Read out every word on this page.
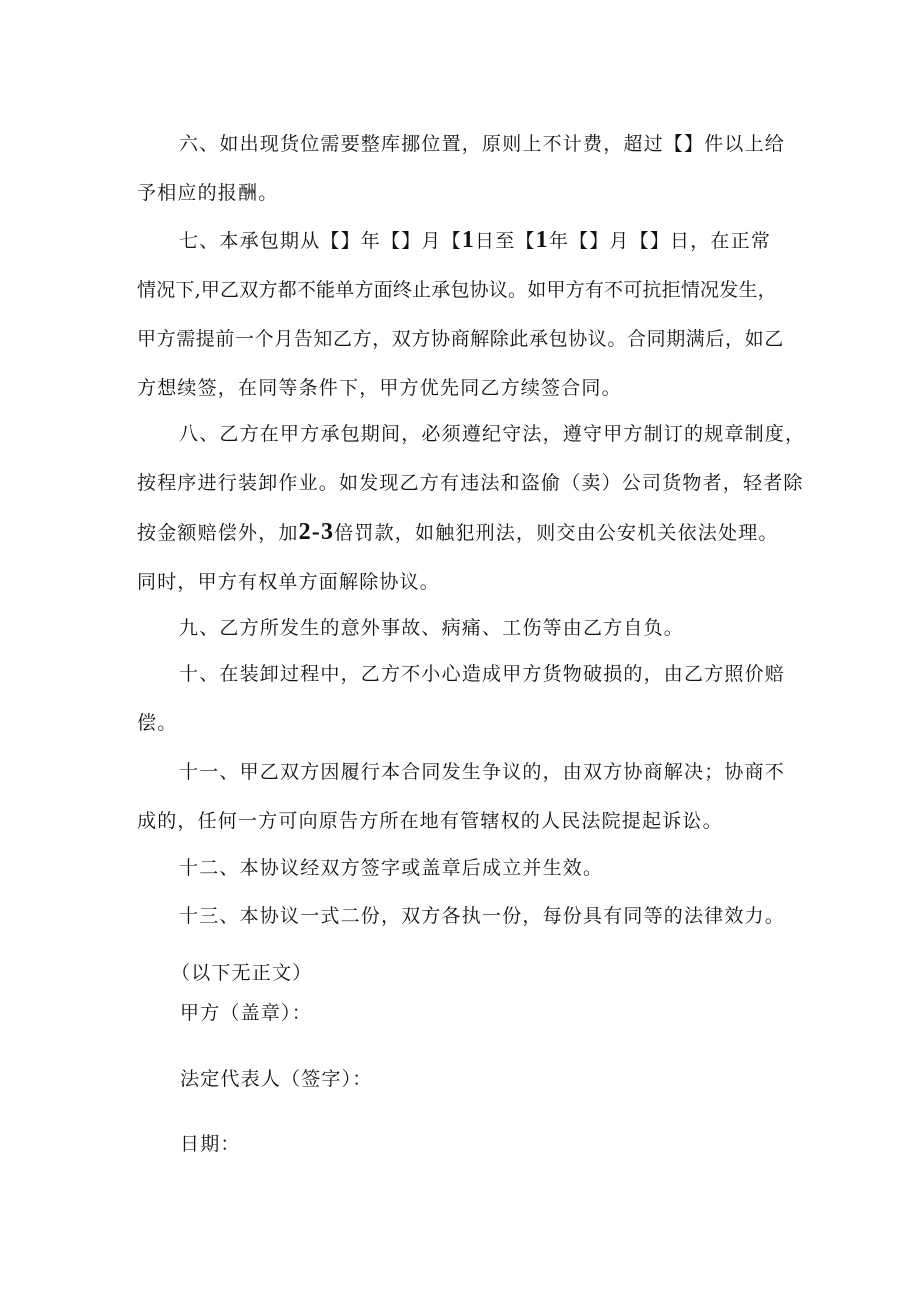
六、如出现货位需要整库挪位置，原则上不计费，超过【】件以上给
予相应的报酬。
七、本承包期从【】年【】月【1日至【1年【】月【】日，在正常
情况下,甲乙双方都不能单方面终止承包协议。如甲方有不可抗拒情况发生，
甲方需提前一个月告知乙方，双方协商解除此承包协议。合同期满后，如乙
方想续签，在同等条件下，甲方优先同乙方续签合同。
八、乙方在甲方承包期间，必须遵纪守法，遵守甲方制订的规章制度，
按程序进行装卸作业。如发现乙方有违法和盗偷（卖）公司货物者，轻者除
按金额赔偿外，加2-3倍罚款，如触犯刑法，则交由公安机关依法处理。
同时，甲方有权单方面解除协议。
九、乙方所发生的意外事故、病痛、工伤等由乙方自负。
十、在装卸过程中，乙方不小心造成甲方货物破损的，由乙方照价赔
偿。
十一、甲乙双方因履行本合同发生争议的，由双方协商解决；协商不
成的，任何一方可向原告方所在地有管辖权的人民法院提起诉讼。
十二、本协议经双方签字或盖章后成立并生效。
十三、本协议一式二份，双方各执一份，每份具有同等的法律效力。

（以下无正文）

甲方（盖章）：

法定代表人（签字）：

日期：
